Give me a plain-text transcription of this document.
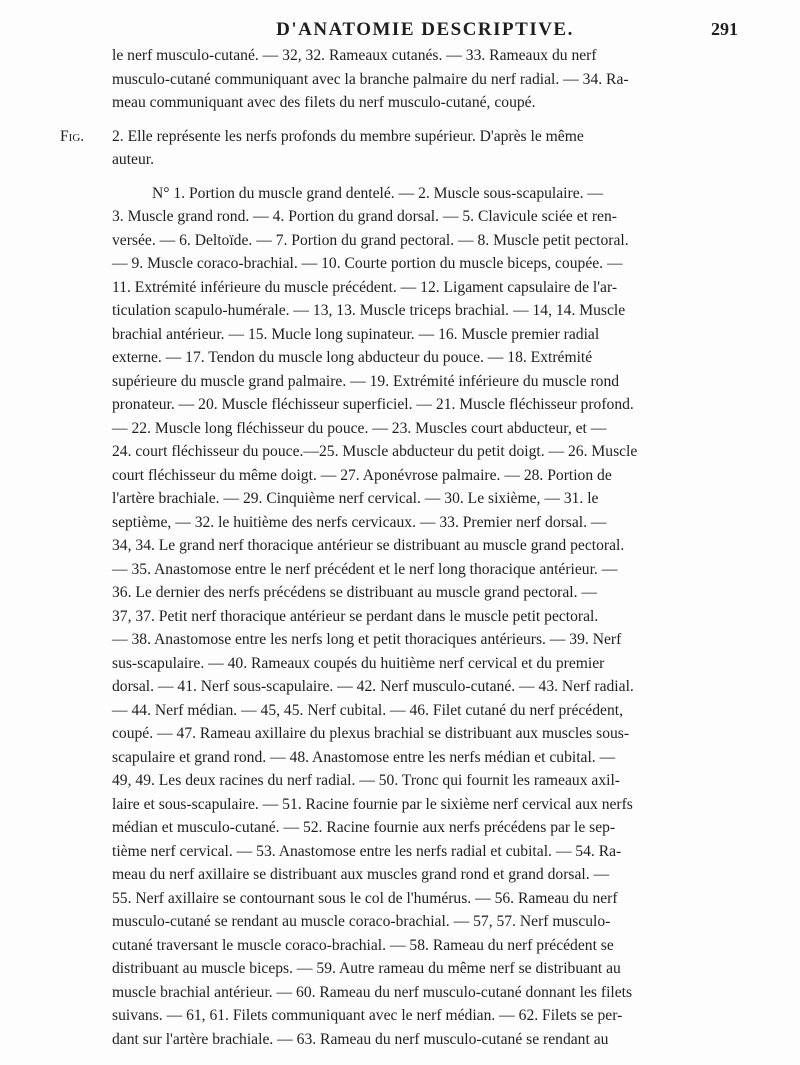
D'ANATOMIE DESCRIPTIVE.	291
le nerf musculo-cutané. — 32, 32. Rameaux cutanés. — 33. Rameaux du nerf
musculo-cutané communiquant avec la branche palmaire du nerf radial. — 34. Ra-
meau communiquant avec des filets du nerf musculo-cutané, coupé.
Fig. 2. Elle représente les nerfs profonds du membre supérieur. D'après le même
auteur.
N° 1. Portion du muscle grand dentelé. — 2. Muscle sous-scapulaire. —
3. Muscle grand rond. — 4. Portion du grand dorsal. — 5. Clavicule sciée et ren-
versée. — 6. Deltoïde. — 7. Portion du grand pectoral. — 8. Muscle petit pectoral.
— 9. Muscle coraco-brachial. — 10. Courte portion du muscle biceps, coupée. —
11. Extrémité inférieure du muscle précédent. — 12. Ligament capsulaire de l'ar-
ticulation scapulo-humérale. — 13, 13. Muscle triceps brachial. — 14, 14. Muscle
brachial antérieur. — 15. Mucle long supinateur. — 16. Muscle premier radial
externe. — 17. Tendon du muscle long abducteur du pouce. — 18. Extrémité
supérieure du muscle grand palmaire. — 19. Extrémité inférieure du muscle rond
pronateur. — 20. Muscle fléchisseur superficiel. — 21. Muscle fléchisseur profond.
— 22. Muscle long fléchisseur du pouce. — 23. Muscles court abducteur, et —
24. court fléchisseur du pouce.—25. Muscle abducteur du petit doigt. — 26. Muscle
court fléchisseur du même doigt. — 27. Aponévrose palmaire. — 28. Portion de
l'artère brachiale. — 29. Cinquième nerf cervical. — 30. Le sixième, — 31. le
septième, — 32. le huitième des nerfs cervicaux. — 33. Premier nerf dorsal. —
34, 34. Le grand nerf thoracique antérieur se distribuant au muscle grand pectoral.
— 35. Anastomose entre le nerf précédent et le nerf long thoracique antérieur. —
36. Le dernier des nerfs précédens se distribuant au muscle grand pectoral. —
37, 37. Petit nerf thoracique antérieur se perdant dans le muscle petit pectoral.
— 38. Anastomose entre les nerfs long et petit thoraciques antérieurs. — 39. Nerf
sus-scapulaire. — 40. Rameaux coupés du huitième nerf cervical et du premier
dorsal. — 41. Nerf sous-scapulaire. — 42. Nerf musculo-cutané. — 43. Nerf radial.
— 44. Nerf médian. — 45, 45. Nerf cubital. — 46. Filet cutané du nerf précédent,
coupé. — 47. Rameau axillaire du plexus brachial se distribuant aux muscles sous-
scapulaire et grand rond. — 48. Anastomose entre les nerfs médian et cubital. —
49, 49. Les deux racines du nerf radial. — 50. Tronc qui fournit les rameaux axil-
laire et sous-scapulaire. — 51. Racine fournie par le sixième nerf cervical aux nerfs
médian et musculo-cutané. — 52. Racine fournie aux nerfs précédens par le sep-
tième nerf cervical. — 53. Anastomose entre les nerfs radial et cubital. — 54. Ra-
meau du nerf axillaire se distribuant aux muscles grand rond et grand dorsal. —
55. Nerf axillaire se contournant sous le col de l'humérus. — 56. Rameau du nerf
musculo-cutané se rendant au muscle coraco-brachial. — 57, 57. Nerf musculo-
cutané traversant le muscle coraco-brachial. — 58. Rameau du nerf précédent se
distribuant au muscle biceps. — 59. Autre rameau du même nerf se distribuant au
muscle brachial antérieur. — 60. Rameau du nerf musculo-cutané donnant les filets
suivans. — 61, 61. Filets communiquant avec le nerf médian. — 62. Filets se per-
dant sur l'artère brachiale. — 63. Rameau du nerf musculo-cutané se rendant au
